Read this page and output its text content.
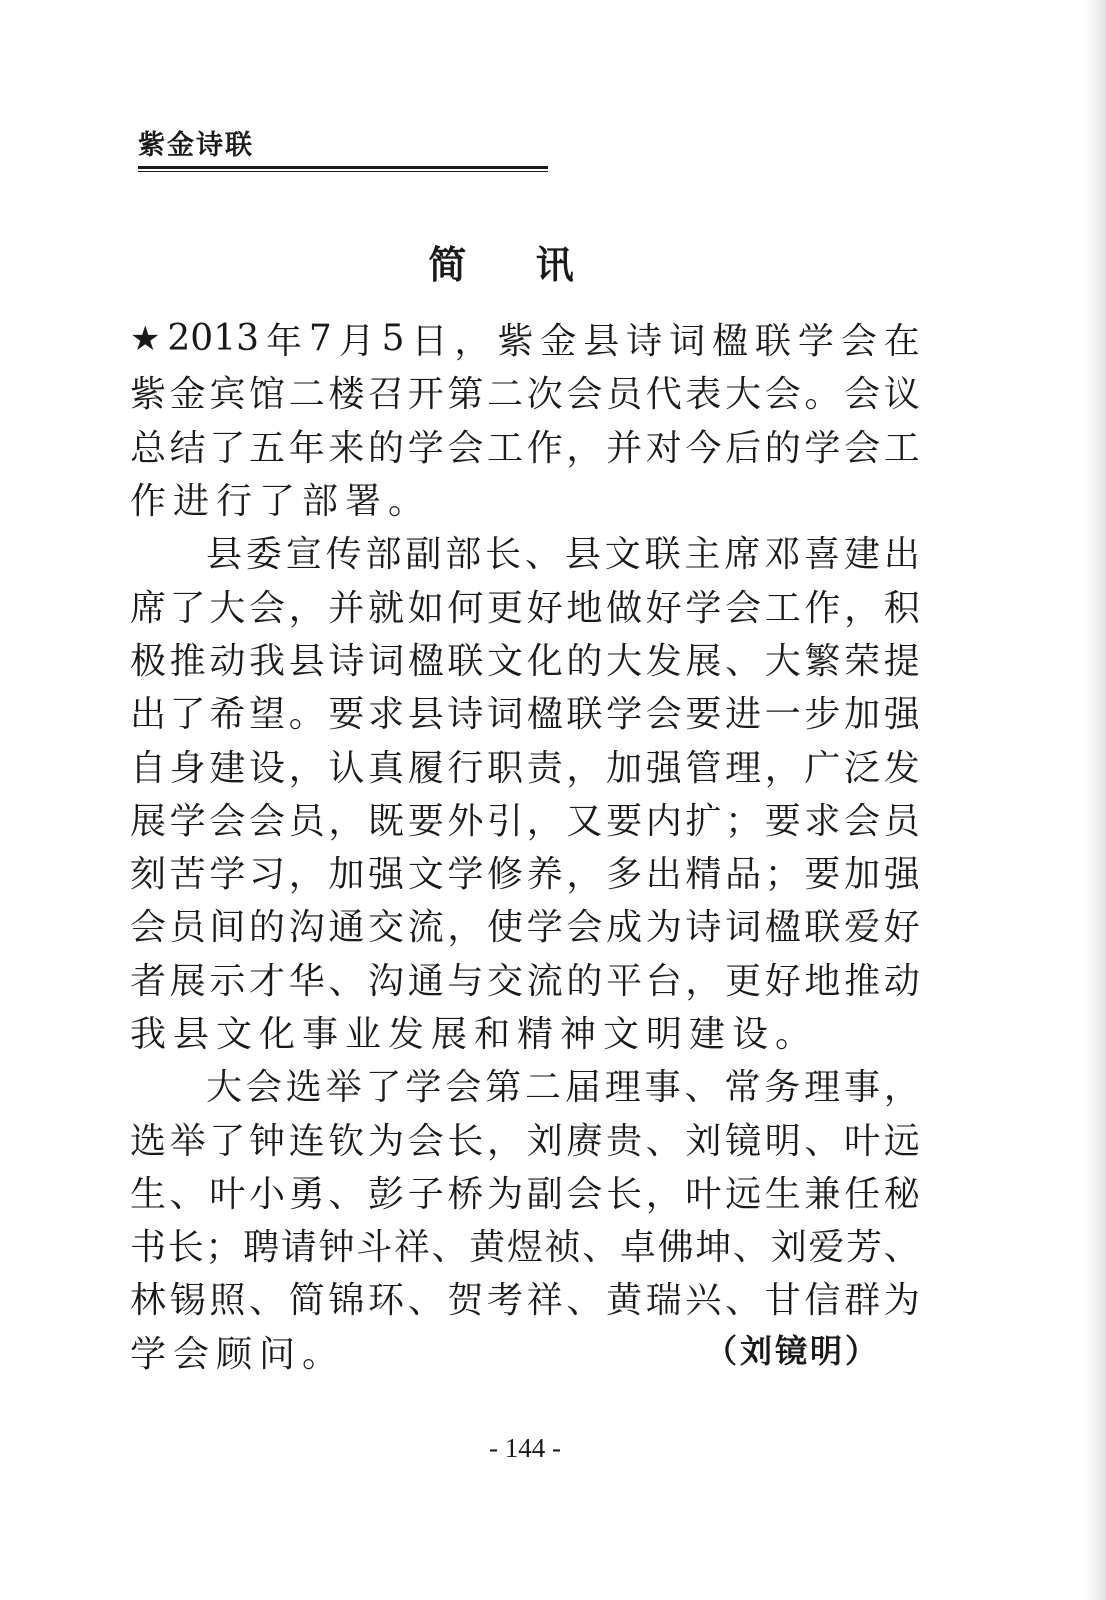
紫金诗联
简 讯
★ 2013 年 7 月 5 日 ， 紫 金 县 诗 词 楹 联 学 会 在
紫 金 宾 馆 二 楼 召 开 第 二 次 会 员 代 表 大 会 。 会 议
总 结 了 五 年 来 的 学 会 工 作 ， 并 对 今 后 的 学 会 工
作进行了部署。
县 委 宣 传 部 副 部 长 、 县 文 联 主 席 邓 喜 建 出
席 了 大 会 ， 并 就 如 何 更 好 地 做 好 学 会 工 作 ， 积
极 推 动 我 县 诗 词 楹 联 文 化 的 大 发 展 、 大 繁 荣 提
出 了 希 望 。 要 求 县 诗 词 楹 联 学 会 要 进 一 步 加 强
自 身 建 设 ， 认 真 履 行 职 责 ， 加 强 管 理 ， 广 泛 发
展 学 会 会 员 ， 既 要 外 引 ， 又 要 内 扩 ； 要 求 会 员
刻 苦 学 习 ， 加 强 文 学 修 养 ， 多 出 精 品 ； 要 加 强
会 员 间 的 沟 通 交 流 ， 使 学 会 成 为 诗 词 楹 联 爱 好
者 展 示 才 华 、 沟 通 与 交 流 的 平 台 ， 更 好 地 推 动
我县文化事业发展和精神文明建设。
大 会 选 举 了 学 会 第 二 届 理 事 、 常 务 理 事 ，
选 举 了 钟 连 钦 为 会 长 ， 刘 赓 贵 、 刘 镜 明 、 叶 远
生 、 叶 小 勇 、 彭 子 桥 为 副 会 长 ， 叶 远 生 兼 任 秘
书 长 ； 聘 请 钟 斗 祥 、 黄 煜 祯 、 卓 佛 坤 、 刘 爱 芳 、
林 锡 照 、 简 锦 环 、 贺 考 祥 、 黄 瑞 兴 、 甘 信 群 为
学会顾问。	（刘镜明）
- 144 -
